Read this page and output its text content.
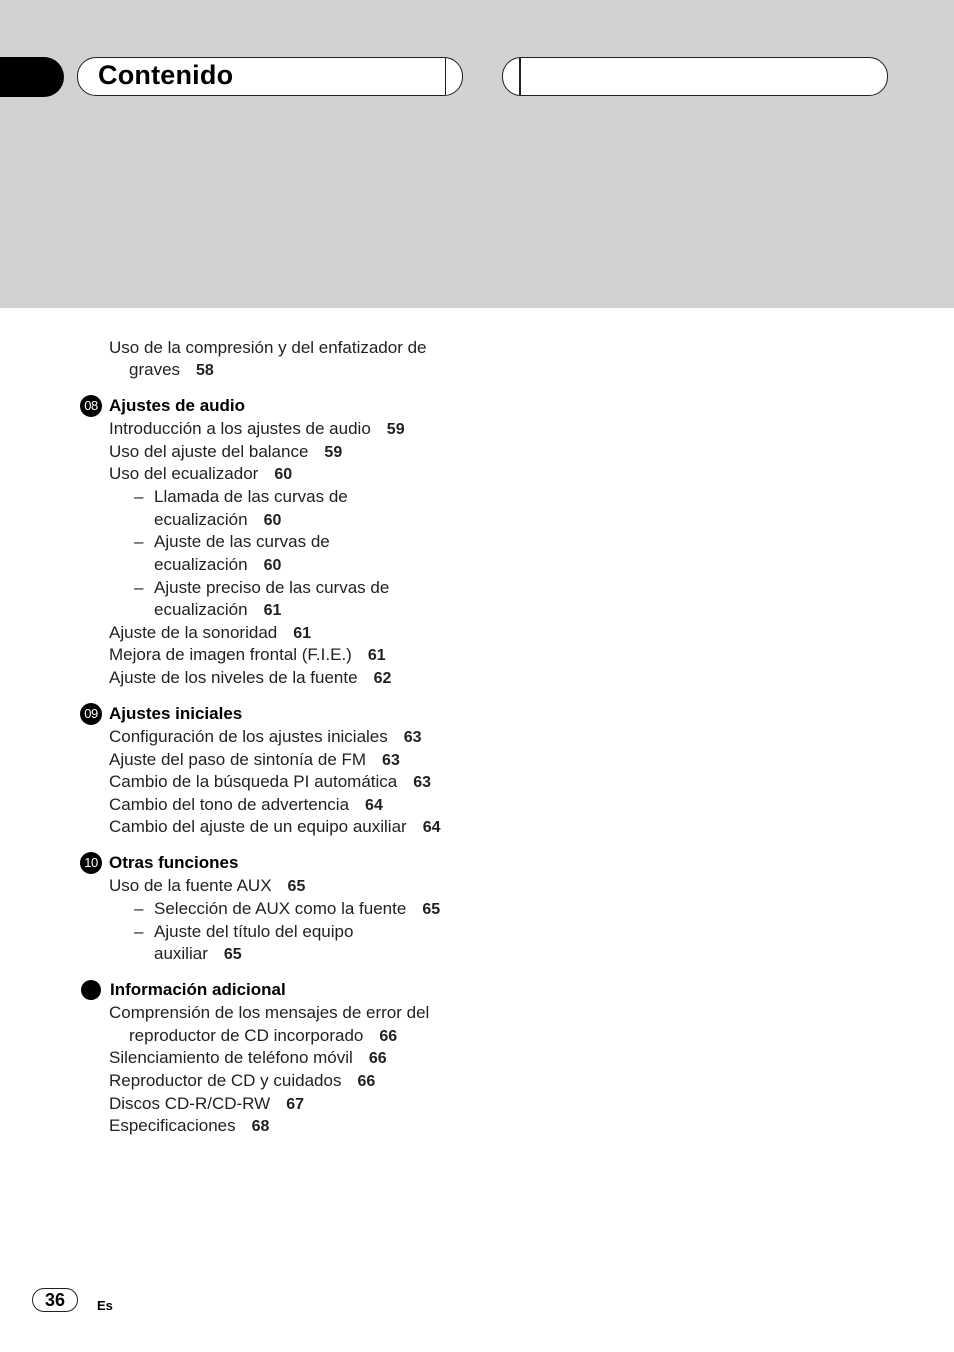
Contenido
Uso de la compresión y del enfatizador de
graves 58
08 Ajustes de audio
Introducción a los ajustes de audio 59
Uso del ajuste del balance 59
Uso del ecualizador 60
– Llamada de las curvas de
ecualización 60
– Ajuste de las curvas de
ecualización 60
– Ajuste preciso de las curvas de
ecualización 61
Ajuste de la sonoridad 61
Mejora de imagen frontal (F.I.E.) 61
Ajuste de los niveles de la fuente 62
09 Ajustes iniciales
Configuración de los ajustes iniciales 63
Ajuste del paso de sintonía de FM 63
Cambio de la búsqueda PI automática 63
Cambio del tono de advertencia 64
Cambio del ajuste de un equipo auxiliar 64
10 Otras funciones
Uso de la fuente AUX 65
– Selección de AUX como la fuente 65
– Ajuste del título del equipo
auxiliar 65
Información adicional
Comprensión de los mensajes de error del
reproductor de CD incorporado 66
Silenciamiento de teléfono móvil 66
Reproductor de CD y cuidados 66
Discos CD-R/CD-RW 67
Especificaciones 68
36	Es
